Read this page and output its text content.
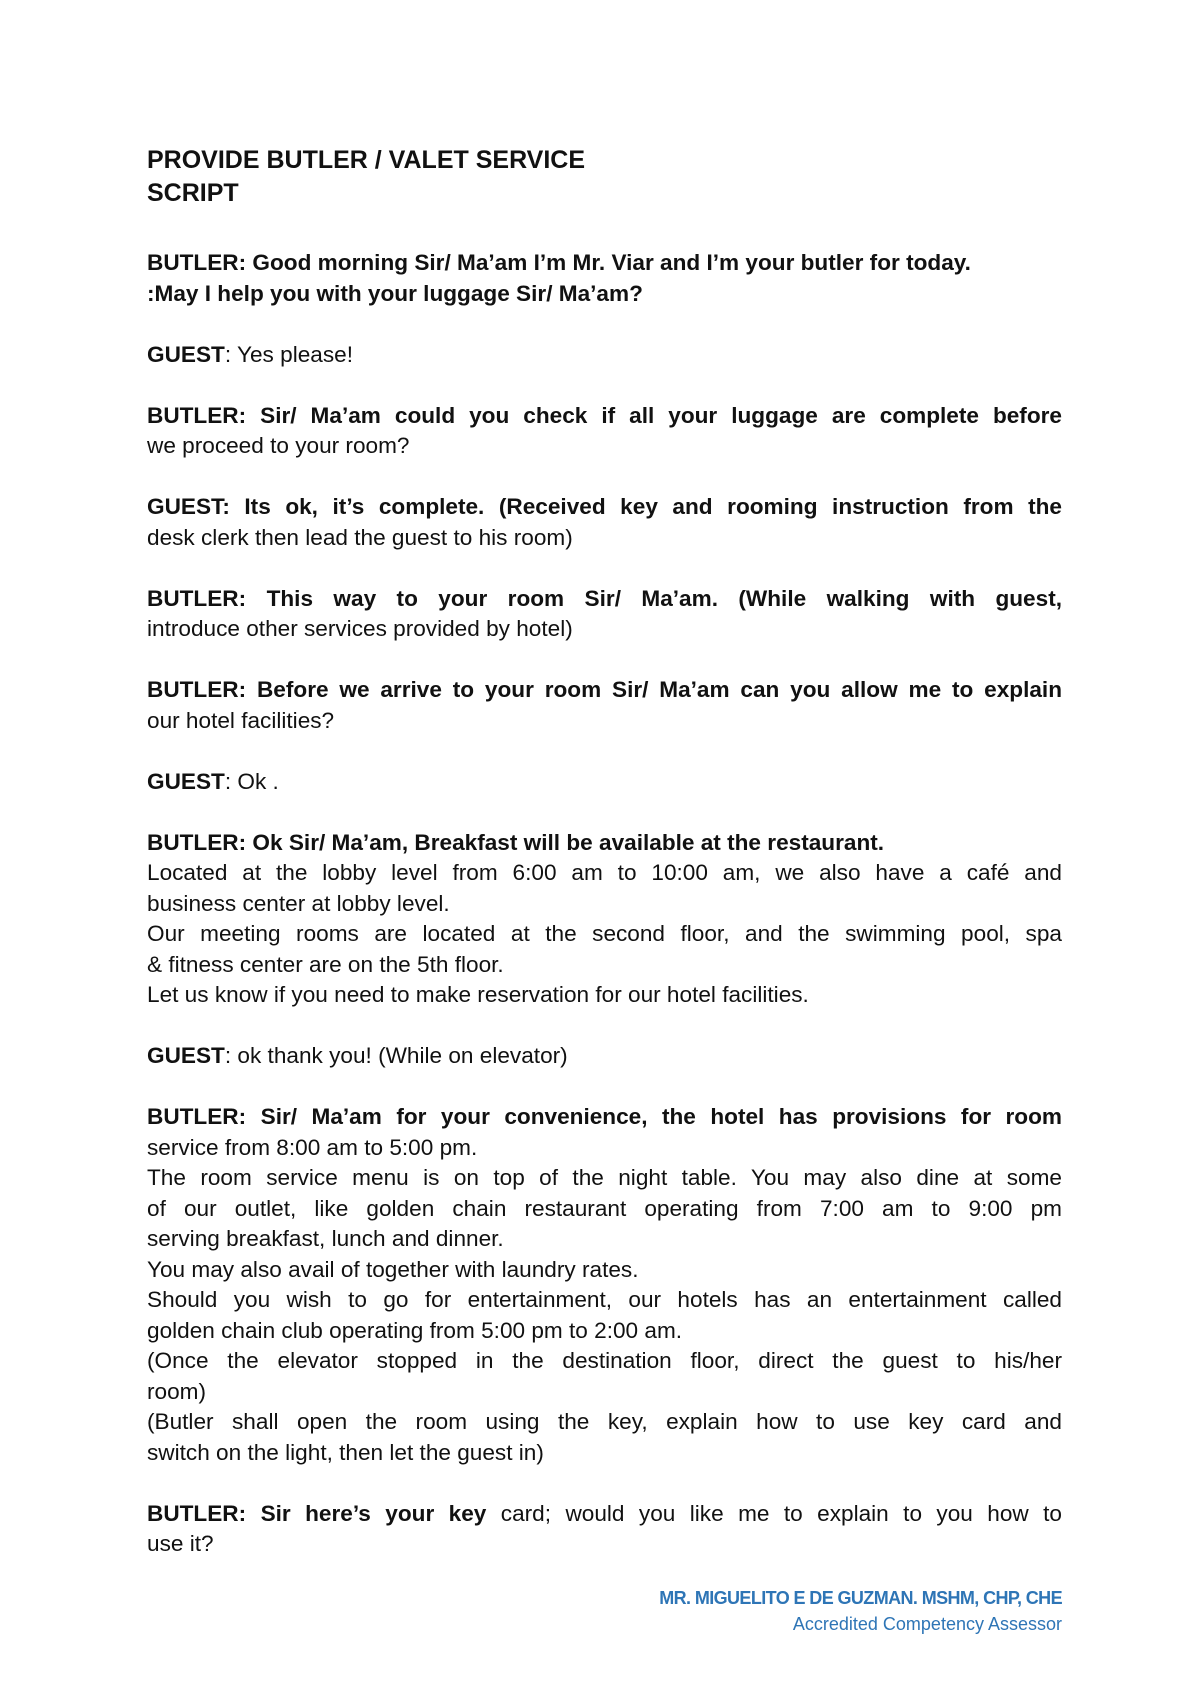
PROVIDE BUTLER / VALET SERVICE

SCRIPT

BUTLER: Good morning Sir/ Ma’am I’m Mr. Viar and I’m your butler for today.
:May I help you with your luggage Sir/ Ma’am?
GUEST: Yes please!
BUTLER: Sir/ Ma’am could you check if all your luggage are complete before
we proceed to your room?
GUEST: Its ok, it’s complete. (Received key and rooming instruction from the
desk clerk then lead the guest to his room)
BUTLER: This way to your room Sir/ Ma’am. (While walking with guest,
introduce other services provided by hotel)
BUTLER: Before we arrive to your room Sir/ Ma’am can you allow me to explain
our hotel facilities?
GUEST: Ok .
BUTLER: Ok Sir/ Ma’am, Breakfast will be available at the restaurant.
Located at the lobby level from 6:00 am to 10:00 am, we also have a café and
business center at lobby level.
Our meeting rooms are located at the second floor, and the swimming pool, spa
& fitness center are on the 5th floor.
Let us know if you need to make reservation for our hotel facilities.
GUEST: ok thank you! (While on elevator)
BUTLER: Sir/ Ma’am for your convenience, the hotel has provisions for room
service from 8:00 am to 5:00 pm.
The room service menu is on top of the night table. You may also dine at some
of our outlet, like golden chain restaurant operating from 7:00 am to 9:00 pm
serving breakfast, lunch and dinner.
You may also avail of together with laundry rates.
Should you wish to go for entertainment, our hotels has an entertainment called
golden chain club operating from 5:00 pm to 2:00 am.
(Once the elevator stopped in the destination floor, direct the guest to his/her
room)
(Butler shall open the room using the key, explain how to use key card and
switch on the light, then let the guest in)
BUTLER: Sir here’s your key card; would you like me to explain to you how to
use it?
MR. MIGUELITO E DE GUZMAN. MSHM, CHP, CHE
Accredited Competency Assessor
